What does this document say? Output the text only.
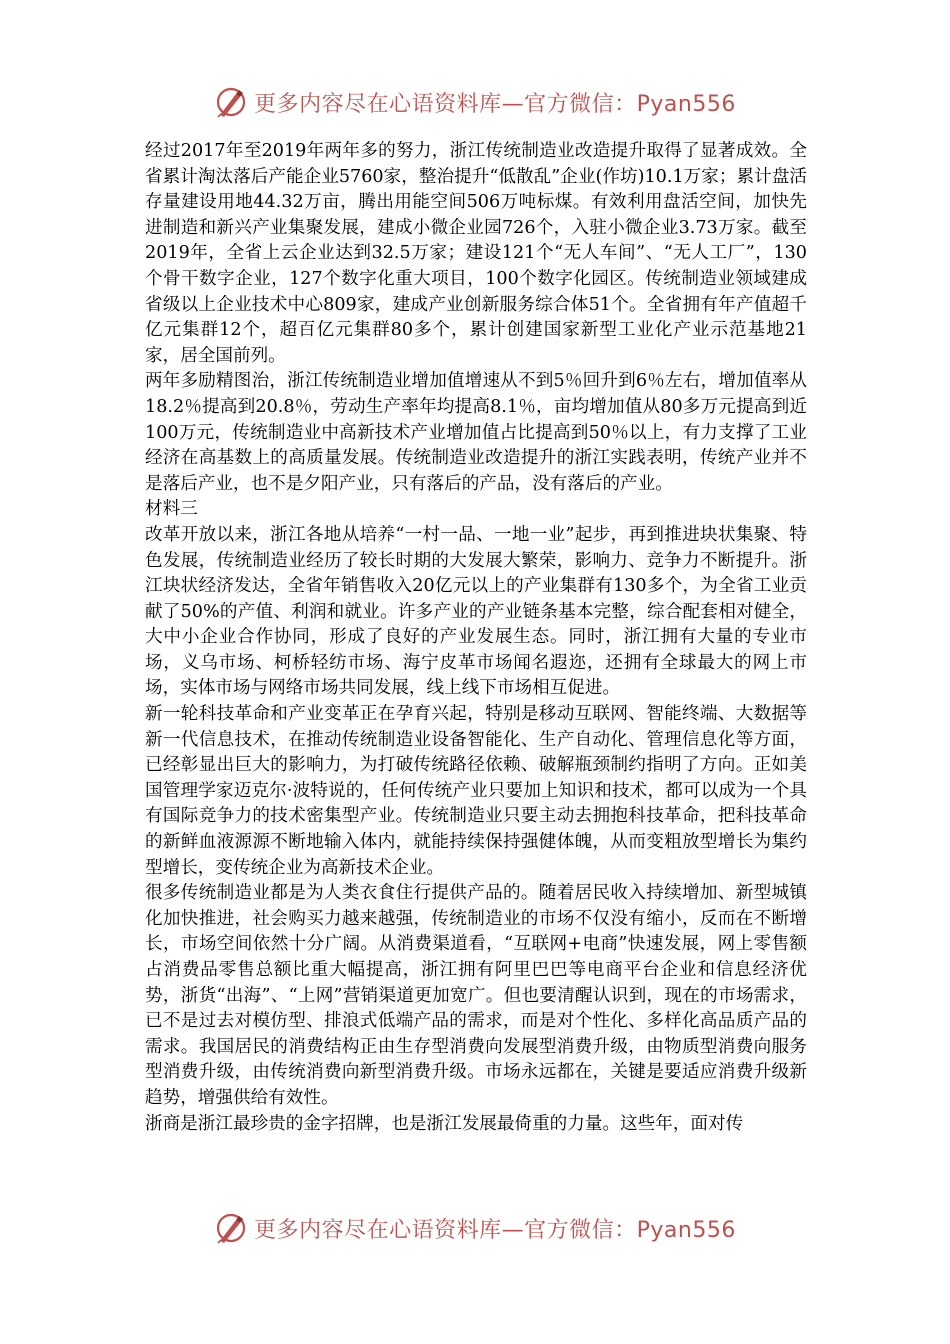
更多内容尽在心语资料库—官方微信：Pyan556

经过2017年至2019年两年多的努力，浙江传统制造业改造提升取得了显著成效。全省累计淘汰落后产能企业5760家，整治提升“低散乱”企业(作坊)10.1万家；累计盘活存量建设用地44.32万亩，腾出用能空间506万吨标煤。有效利用盘活空间，加快先进制造和新兴产业集聚发展，建成小微企业园726个，入驻小微企业3.73万家。截至2019年，全省上云企业达到32.5万家；建设121个“无人车间”、“无人工厂”，130个骨干数字企业，127个数字化重大项目，100个数字化园区。传统制造业领域建成省级以上企业技术中心809家，建成产业创新服务综合体51个。全省拥有年产值超千亿元集群12个，超百亿元集群80多个，累计创建国家新型工业化产业示范基地21家，居全国前列。

两年多励精图治，浙江传统制造业增加值增速从不到5％回升到6％左右，增加值率从18.2％提高到20.8％，劳动生产率年均提高8.1％，亩均增加值从80多万元提高到近100万元，传统制造业中高新技术产业增加值占比提高到50％以上，有力支撑了工业经济在高基数上的高质量发展。传统制造业改造提升的浙江实践表明，传统产业并不是落后产业，也不是夕阳产业，只有落后的产品，没有落后的产业。

材料三

改革开放以来，浙江各地从培养“一村一品、一地一业”起步，再到推进块状集聚、特色发展，传统制造业经历了较长时期的大发展大繁荣，影响力、竞争力不断提升。浙江块状经济发达，全省年销售收入20亿元以上的产业集群有130多个，为全省工业贡献了50%的产值、利润和就业。许多产业的产业链条基本完整，综合配套相对健全，大中小企业合作协同，形成了良好的产业发展生态。同时，浙江拥有大量的专业市场，义乌市场、柯桥轻纺市场、海宁皮革市场闻名遐迩，还拥有全球最大的网上市场，实体市场与网络市场共同发展，线上线下市场相互促进。

新一轮科技革命和产业变革正在孕育兴起，特别是移动互联网、智能终端、大数据等新一代信息技术，在推动传统制造业设备智能化、生产自动化、管理信息化等方面，已经彰显出巨大的影响力，为打破传统路径依赖、破解瓶颈制约指明了方向。正如美国管理学家迈克尔·波特说的，任何传统产业只要加上知识和技术，都可以成为一个具有国际竞争力的技术密集型产业。传统制造业只要主动去拥抱科技革命，把科技革命的新鲜血液源源不断地输入体内，就能持续保持强健体魄，从而变粗放型增长为集约型增长，变传统企业为高新技术企业。

很多传统制造业都是为人类衣食住行提供产品的。随着居民收入持续增加、新型城镇化加快推进，社会购买力越来越强，传统制造业的市场不仅没有缩小，反而在不断增长，市场空间依然十分广阔。从消费渠道看，“互联网+电商”快速发展，网上零售额占消费品零售总额比重大幅提高，浙江拥有阿里巴巴等电商平台企业和信息经济优势，浙货“出海”、“上网”营销渠道更加宽广。但也要清醒认识到，现在的市场需求，已不是过去对模仿型、排浪式低端产品的需求，而是对个性化、多样化高品质产品的需求。我国居民的消费结构正由生存型消费向发展型消费升级，由物质型消费向服务型消费升级，由传统消费向新型消费升级。市场永远都在，关键是要适应消费升级新趋势，增强供给有效性。

浙商是浙江最珍贵的金字招牌，也是浙江发展最倚重的力量。这些年，面对传

更多内容尽在心语资料库—官方微信：Pyan556
